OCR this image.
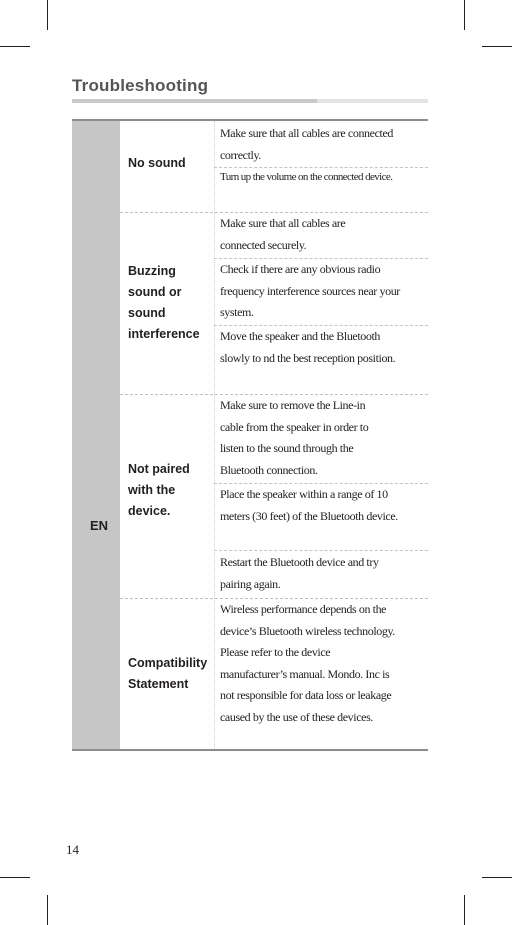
Troubleshooting
EN
No sound
Make sure that all cables are connected correctly.
Turn up the volume on the connected device.
Buzzing sound or sound interference
Make sure that all cables are connected securely.
Check if there are any obvious radio frequency interference sources near your system.
Move the speaker and the Bluetooth slowly to nd the best reception position.
Not paired with the device.
Make sure to remove the Line-in cable from the speaker in order to listen to the sound through the Bluetooth connection.
Place the speaker within a range of 10 meters (30 feet) of the Bluetooth device.
Restart the Bluetooth device and try pairing again.
Compatibility Statement
Wireless performance depends on the device’s Bluetooth wireless technology. Please refer to the device manufacturer’s manual. Mondo. Inc is not responsible for data loss or leakage caused by the use of these devices.
14
